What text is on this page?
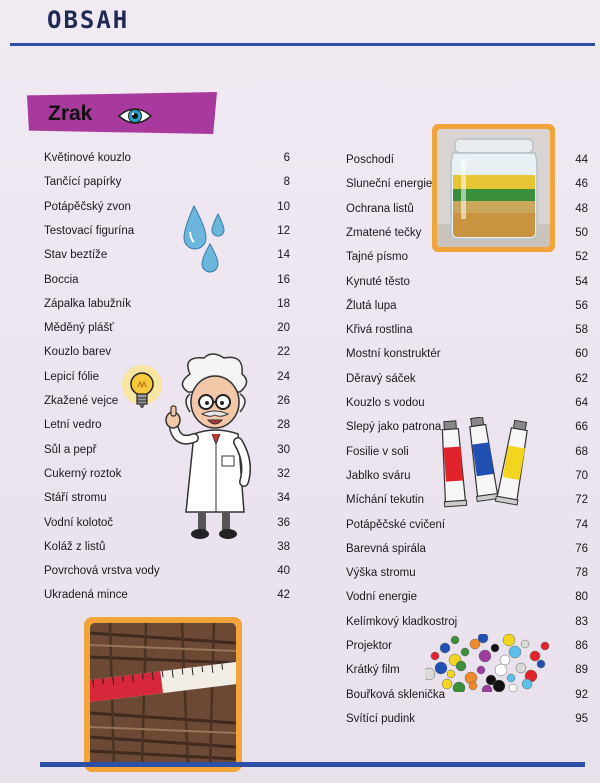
OBSAH
Zrak
Květinové kouzlo	6
Tančící papírky	8
Potápěčský zvon	10
Testovací figurína	12
Stav beztíže	14
Boccia	16
Zápalka labužník	18
Měděný plášť	20
Kouzlo barev	22
Lepicí fólie	24
Zkažené vejce	26
Letní vedro	28
Sůl a pepř	30
Cukerný roztok	32
Stáří stromu	34
Vodní kolotoč	36
Koláž z listů	38
Povrchová vrstva vody	40
Ukradená mince	42
Poschodí	44
Sluneční energie	46
Ochrana listů	48
Zmatené tečky	50
Tajné písmo	52
Kynuté těsto	54
Žlutá lupa	56
Křivá rostlina	58
Mostní konstruktér	60
Děravý sáček	62
Kouzlo s vodou	64
Slepý jako patrona	66
Fosilie v soli	68
Jablko sváru	70
Míchání tekutin	72
Potápěčské cvičení	74
Barevná spirála	76
Výška stromu	78
Vodní energie	80
Kelímkový kladkostroj	83
Projektor	86
Krátký film	89
Bouřková sklenička	92
Svítící pudink	95
